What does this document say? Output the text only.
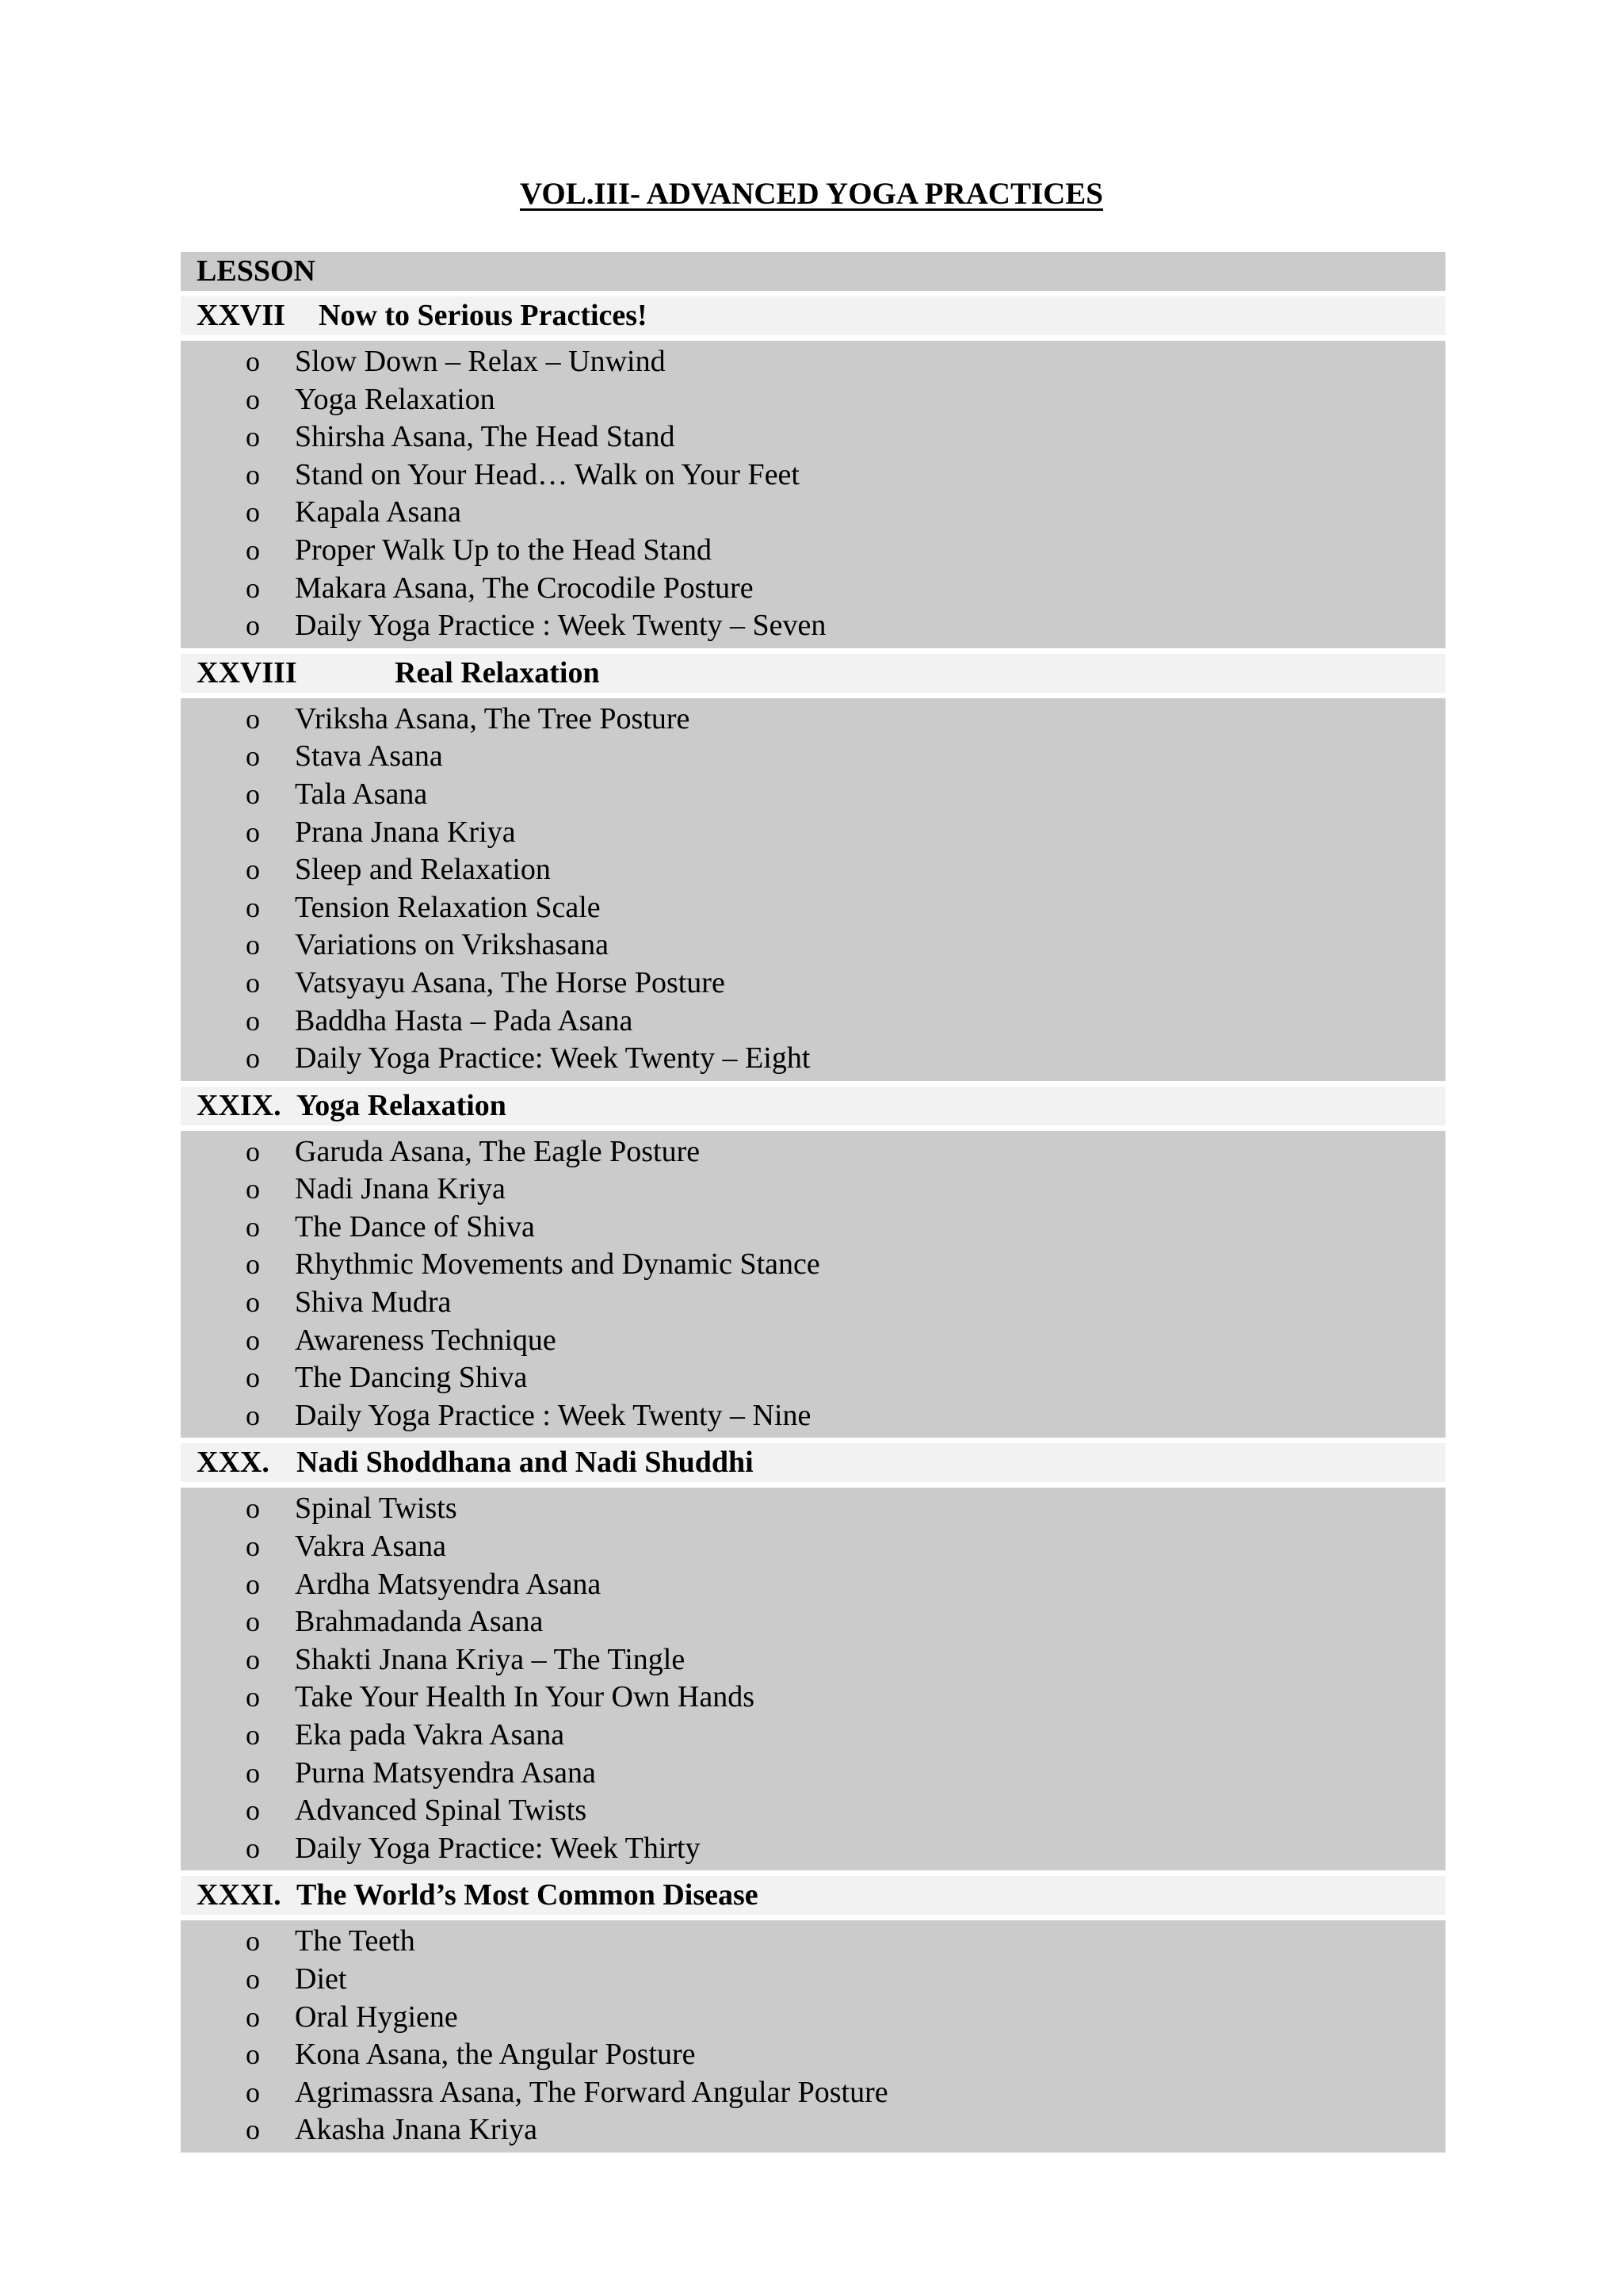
VOL.III- ADVANCED YOGA PRACTICES
LESSON
XXVII Now to Serious Practices!
o Slow Down – Relax – Unwind
o Yoga Relaxation
o Shirsha Asana, The Head Stand
o Stand on Your Head… Walk on Your Feet
o Kapala Asana
o Proper Walk Up to the Head Stand
o Makara Asana, The Crocodile Posture
o Daily Yoga Practice : Week Twenty – Seven
XXVIII	Real Relaxation
o Vriksha Asana, The Tree Posture
o Stava Asana
o Tala Asana
o Prana Jnana Kriya
o Sleep and Relaxation
o Tension Relaxation Scale
o Variations on Vrikshasana
o Vatsyayu Asana, The Horse Posture
o Baddha Hasta – Pada Asana
o Daily Yoga Practice: Week Twenty – Eight
XXIX. Yoga Relaxation
o Garuda Asana, The Eagle Posture
o Nadi Jnana Kriya
o The Dance of Shiva
o Rhythmic Movements and Dynamic Stance
o Shiva Mudra
o Awareness Technique
o The Dancing Shiva
o Daily Yoga Practice : Week Twenty – Nine
XXX. Nadi Shoddhana and Nadi Shuddhi
o Spinal Twists
o Vakra Asana
o Ardha Matsyendra Asana
o Brahmadanda Asana
o Shakti Jnana Kriya – The Tingle
o Take Your Health In Your Own Hands
o Eka pada Vakra Asana
o Purna Matsyendra Asana
o Advanced Spinal Twists
o Daily Yoga Practice: Week Thirty
XXXI. The World’s Most Common Disease
o The Teeth
o Diet
o Oral Hygiene
o Kona Asana, the Angular Posture
o Agrimassra Asana, The Forward Angular Posture
o Akasha Jnana Kriya
